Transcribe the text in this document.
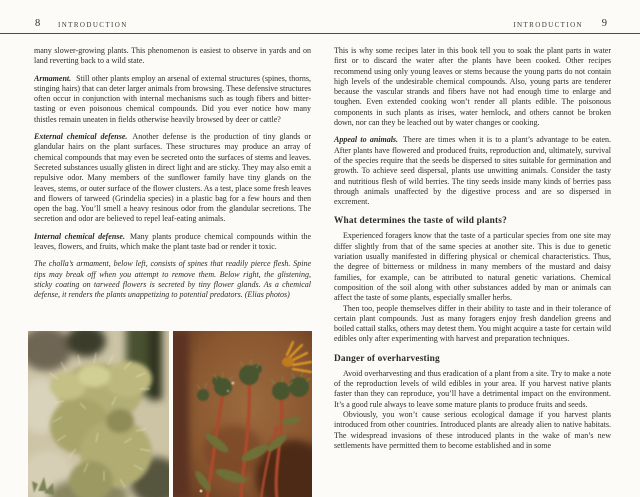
8	INTRODUCTION	INTRODUCTION 9

many slower-growing plants. This phenomenon is easiest to observe in yards and on land reverting back to a wild state.

Armament. Still other plants employ an arsenal of external structures (spines, thorns, stinging hairs) that can deter larger animals from browsing. These defensive structures often occur in conjunction with internal mechanisms such as tough fibers and bitter-tasting or even poisonous chemical compounds. Did you ever notice how many thistles remain uneaten in fields otherwise heavily browsed by deer or cattle?

External chemical defense. Another defense is the production of tiny glands or glandular hairs on the plant surfaces. These structures may produce an array of chemical compounds that may even be secreted onto the surfaces of stems and leaves. Secreted substances usually glisten in direct light and are sticky. They may also emit a repulsive odor. Many members of the sunflower family have tiny glands on the leaves, stems, or outer surface of the flower clusters. As a test, place some fresh leaves and flowers of tarweed (Grindelia species) in a plastic bag for a few hours and then open the bag. You’ll smell a heavy resinous odor from the glandular secretions. The secretion and odor are believed to repel leaf-eating animals.

Internal chemical defense. Many plants produce chemical compounds within the leaves, flowers, and fruits, which make the plant taste bad or render it toxic.

The cholla’s armament, below left, consists of spines that readily pierce flesh. Spine tips may break off when you attempt to remove them. Below right, the glistening, sticky coating on tarweed flowers is secreted by tiny flower glands. As a chemical defense, it renders the plants unappetizing to potential predators. (Elias photos)

This is why some recipes later in this book tell you to soak the plant parts in water first or to discard the water after the plants have been cooked. Other recipes recommend using only young leaves or stems because the young parts do not contain high levels of the undesirable chemical compounds. Also, young parts are tenderer because the vascular strands and fibers have not had enough time to enlarge and toughen. Even extended cooking won’t render all plants edible. The poisonous components in such plants as irises, water hemlock, and others cannot be broken down, nor can they be leached out by water changes or cooking.

Appeal to animals. There are times when it is to a plant’s advantage to be eaten. After plants have flowered and produced fruits, reproduction and, ultimately, survival of the species require that the seeds be dispersed to sites suitable for germination and growth. To achieve seed dispersal, plants use unwitting animals. Consider the tasty and nutritious flesh of wild berries. The tiny seeds inside many kinds of berries pass through animals unaffected by the digestive process and are so dispersed in excrement.

What determines the taste of wild plants?

Experienced foragers know that the taste of a particular species from one site may differ slightly from that of the same species at another site. This is due to genetic variation usually manifested in differing physical or chemical characteristics. Thus, the degree of bitterness or mildness in many members of the mustard and daisy families, for example, can be attributed to natural genetic variations. Chemical composition of the soil along with other substances added by man or animals can affect the taste of some plants, especially smaller herbs.

Then too, people themselves differ in their ability to taste and in their tolerance of certain plant compounds. Just as many foragers enjoy fresh dandelion greens and boiled cattail stalks, others may detest them. You might acquire a taste for certain wild edibles only after experimenting with harvest and preparation techniques.

Danger of overharvesting

Avoid overharvesting and thus eradication of a plant from a site. Try to make a note of the reproduction levels of wild edibles in your area. If you harvest native plants faster than they can reproduce, you’ll have a detrimental impact on the environment. It’s a good rule always to leave some mature plants to produce fruits and seeds.

Obviously, you won’t cause serious ecological damage if you harvest plants introduced from other countries. Introduced plants are already alien to native habitats. The widespread invasions of these introduced plants in the wake of man’s new settlements have permitted them to become established and in some
